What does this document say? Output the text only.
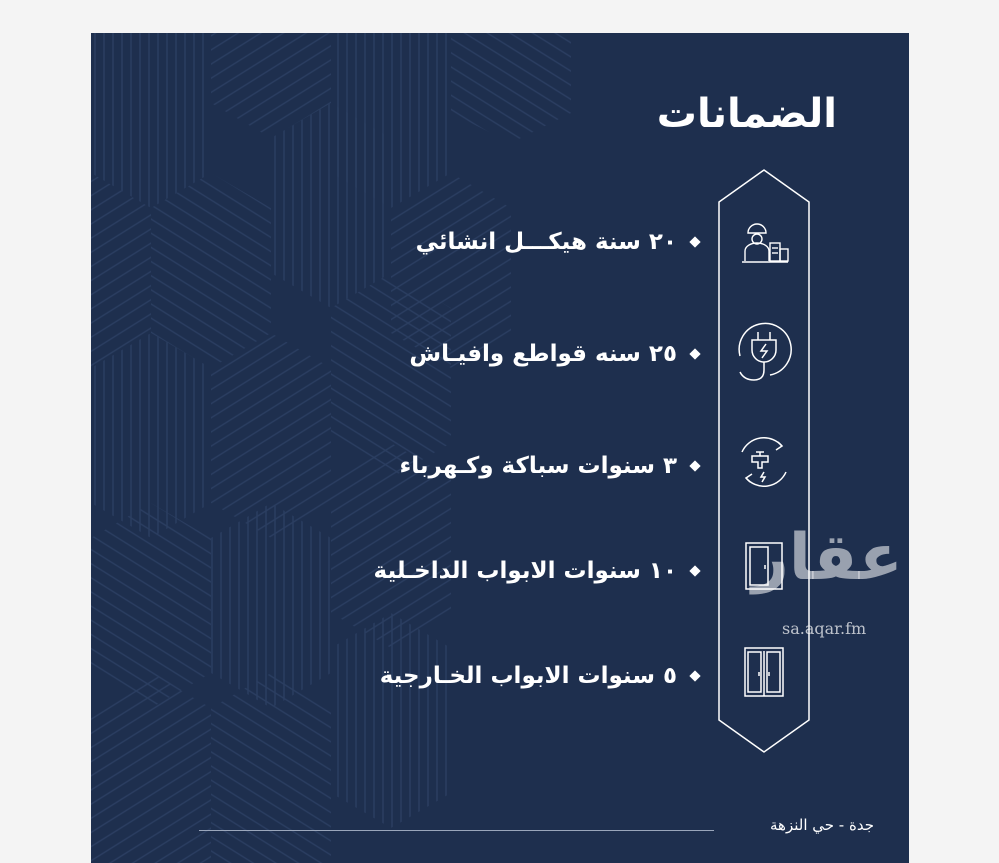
الضمانات
٢٠ سنة هيكـــل انشائي
٢٥ سنه قواطع وافيـاش
٣ سنوات سباكة وكـهرباء
١٠ سنوات الابواب الداخـلية
٥ سنوات الابواب الخـارجية
جدة - حي النزهة
عقار
sa.aqar.fm
